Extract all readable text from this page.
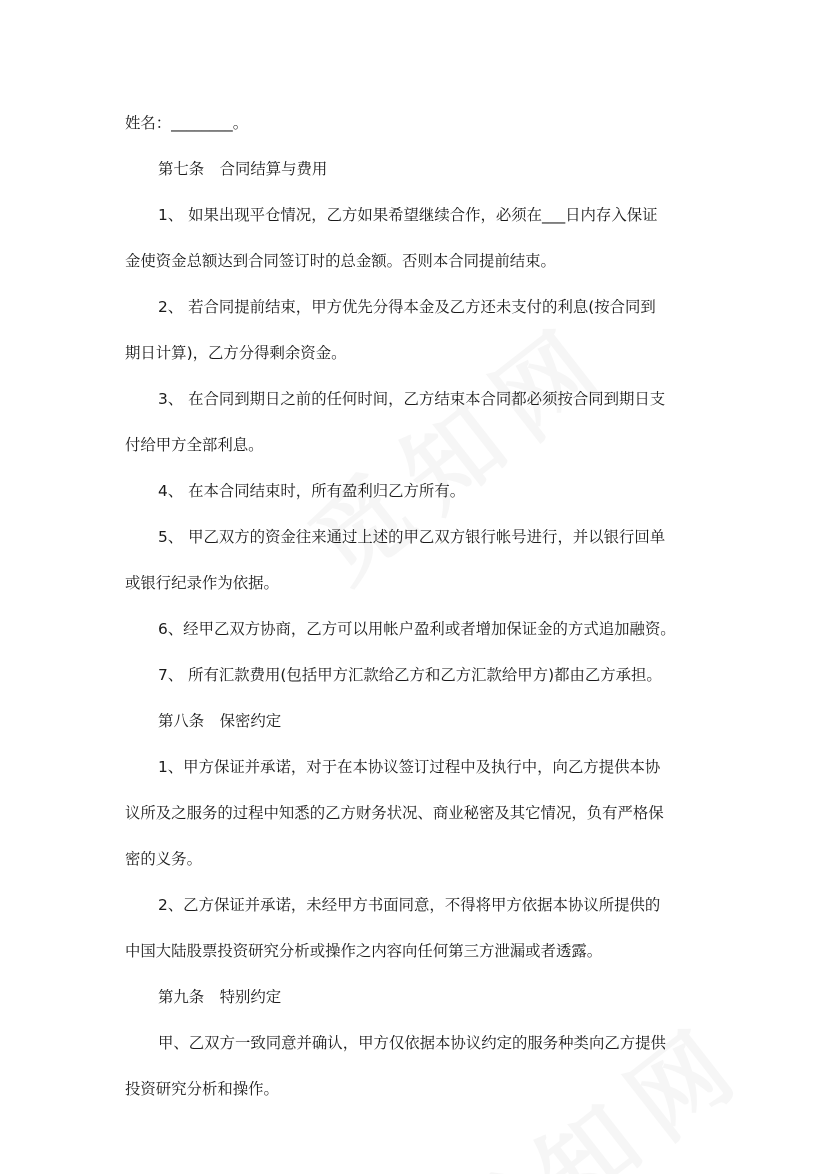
姓名：________。

第七条　合同结算与费用

1、 如果出现平仓情况，乙方如果希望继续合作，必须在___日内存入保证

金使资金总额达到合同签订时的总金额。否则本合同提前结束。

2、 若合同提前结束，甲方优先分得本金及乙方还未支付的利息(按合同到

期日计算)，乙方分得剩余资金。

3、 在合同到期日之前的任何时间，乙方结束本合同都必须按合同到期日支

付给甲方全部利息。

4、 在本合同结束时，所有盈利归乙方所有。

5、 甲乙双方的资金往来通过上述的甲乙双方银行帐号进行，并以银行回单

或银行纪录作为依据。

6、经甲乙双方协商，乙方可以用帐户盈利或者增加保证金的方式追加融资。

7、 所有汇款费用(包括甲方汇款给乙方和乙方汇款给甲方)都由乙方承担。

第八条　保密约定

1、甲方保证并承诺，对于在本协议签订过程中及执行中，向乙方提供本协

议所及之服务的过程中知悉的乙方财务状况、商业秘密及其它情况，负有严格保

密的义务。

2、乙方保证并承诺，未经甲方书面同意，不得将甲方依据本协议所提供的

中国大陆股票投资研究分析或操作之内容向任何第三方泄漏或者透露。

第九条　特别约定

甲、乙双方一致同意并确认，甲方仅依据本协议约定的服务种类向乙方提供

投资研究分析和操作。
